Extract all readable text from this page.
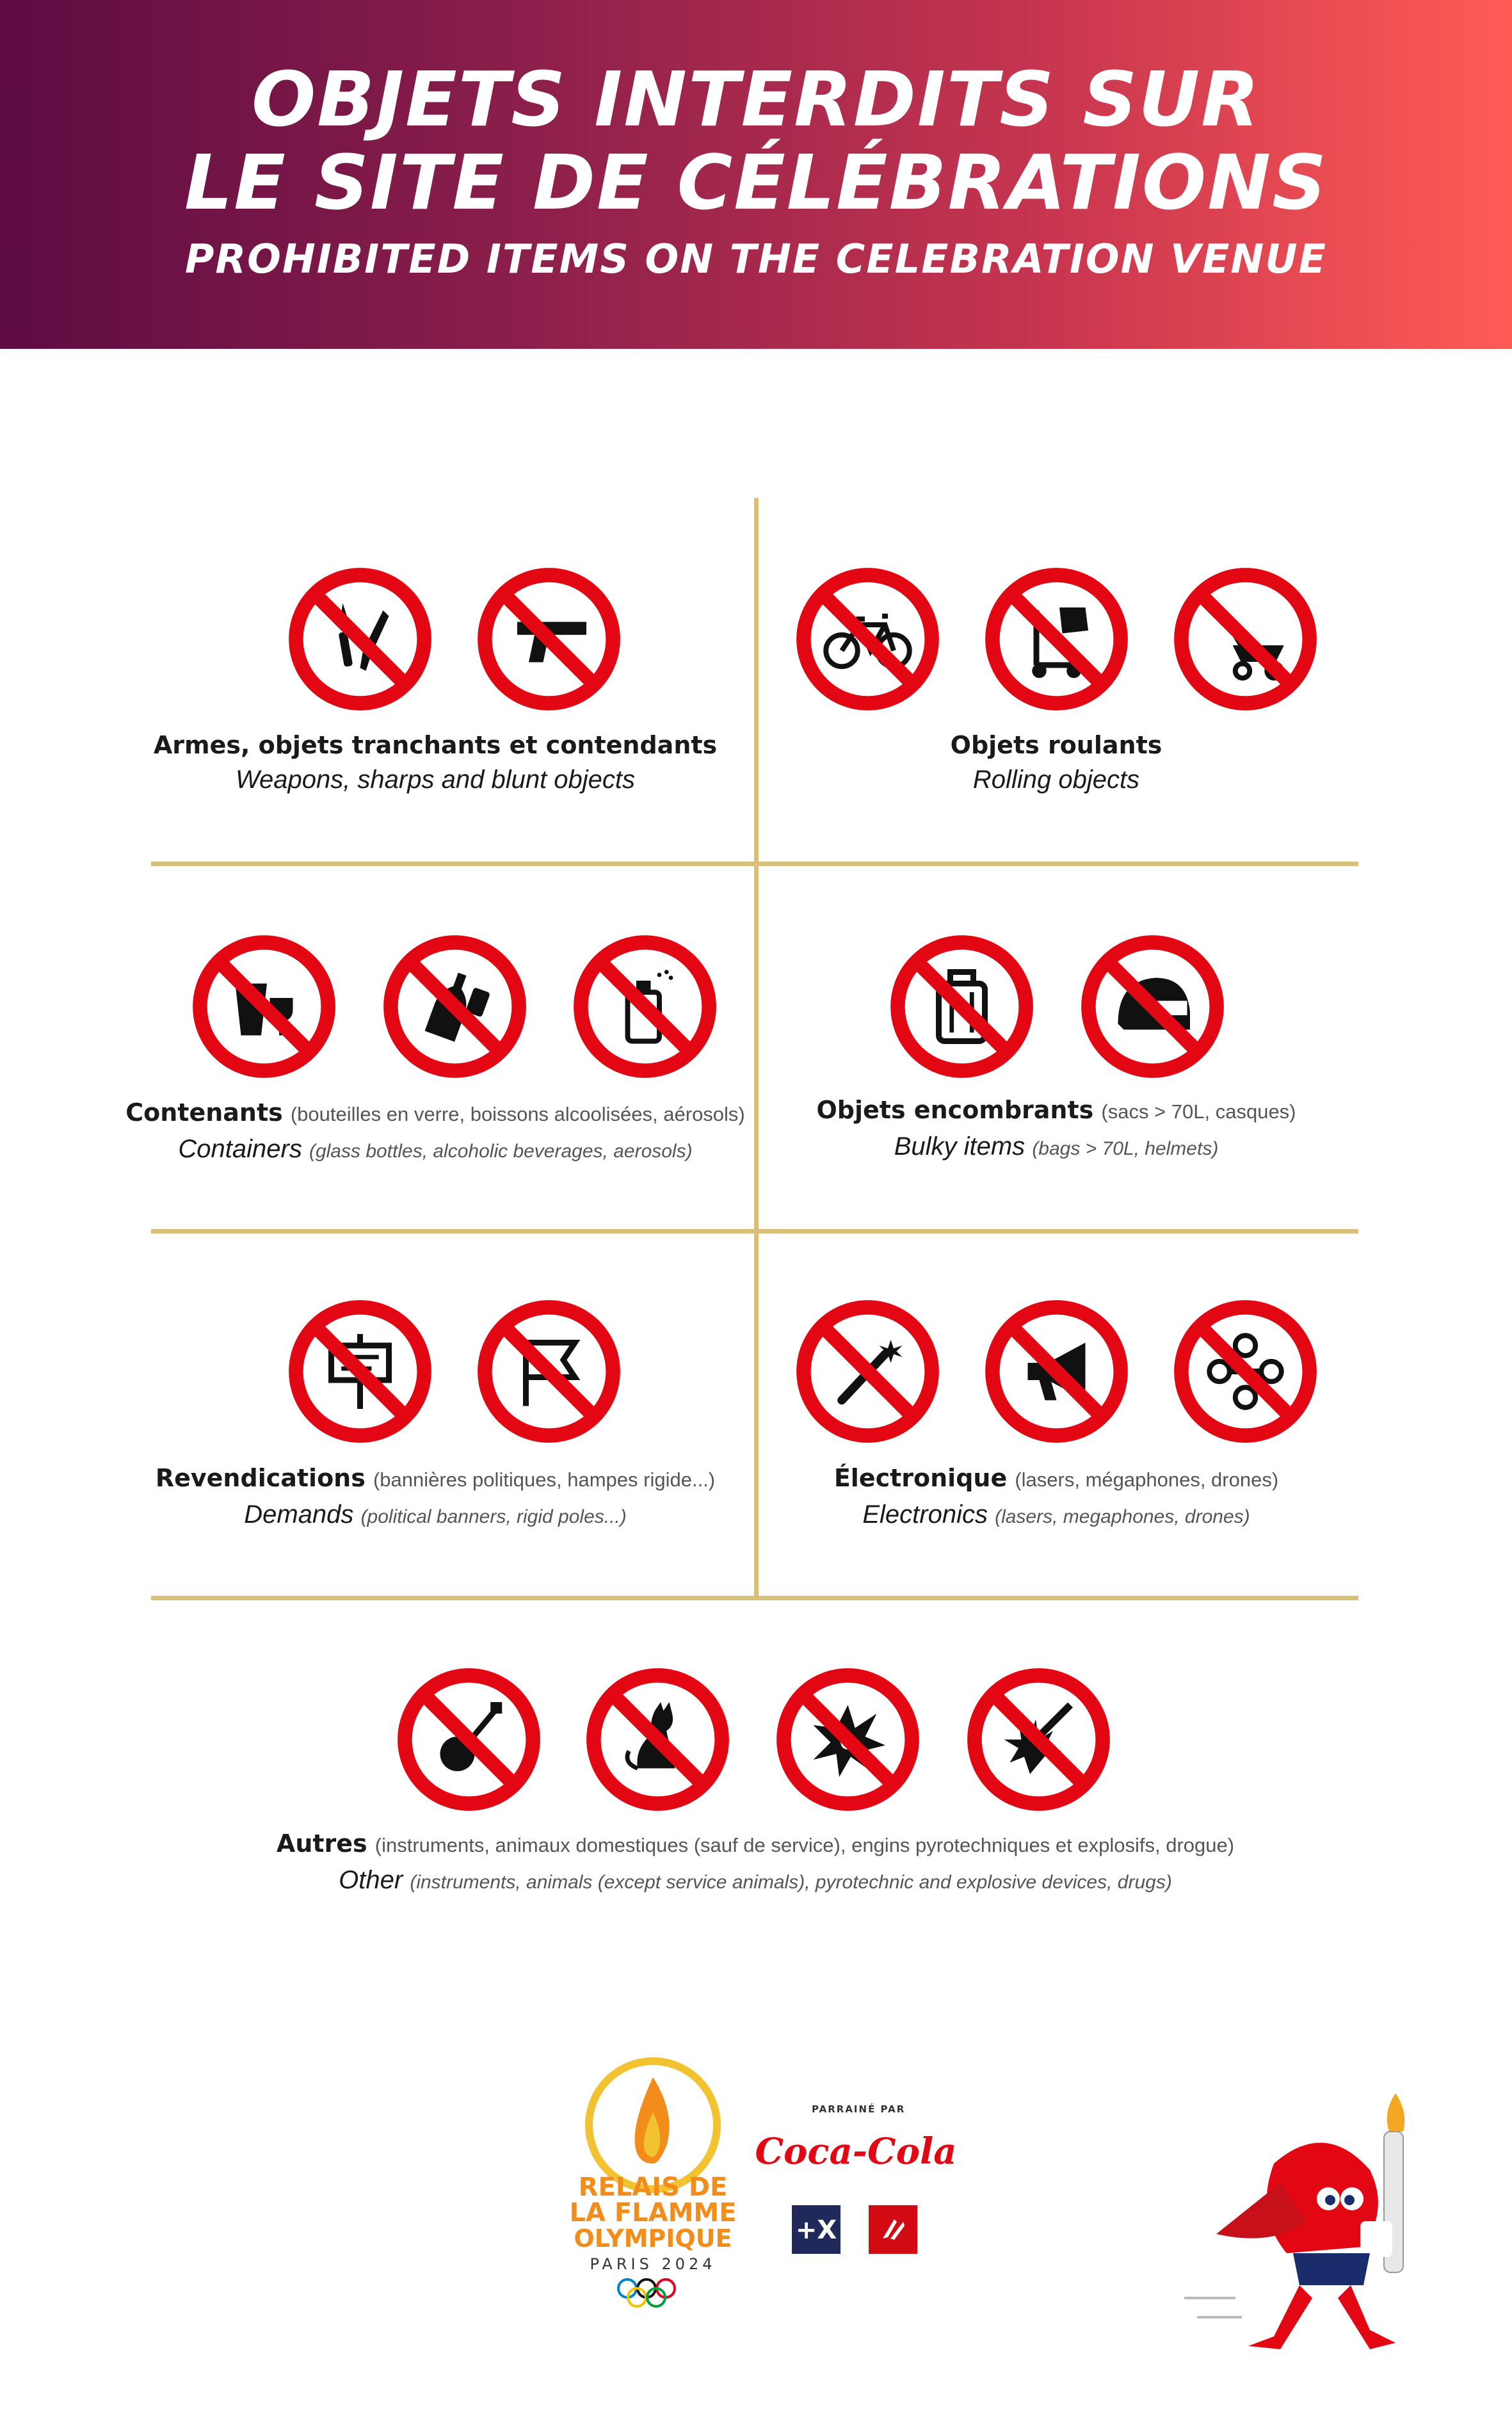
OBJETS INTERDITS SUR
LE SITE DE CÉLÉBRATIONS
PROHIBITED ITEMS ON THE CELEBRATION VENUE
Armes, objets tranchants et contendants
Weapons, sharps and blunt objects
Objets roulants
Rolling objects
Contenants (bouteilles en verre, boissons alcoolisées, aérosols)
Containers (glass bottles, alcoholic beverages, aerosols)
Objets encombrants (sacs > 70L, casques)
Bulky items (bags > 70L, helmets)
Revendications (bannières politiques, hampes rigide...)
Demands (political banners, rigid poles...)
Électronique (lasers, mégaphones, drones)
Electronics (lasers, megaphones, drones)
Autres (instruments, animaux domestiques (sauf de service), engins pyrotechniques et explosifs, drogue)
Other (instruments, animals (except service animals), pyrotechnic and explosive devices, drugs)
RELAIS DE
LA FLAMME
OLYMPIQUE
PARIS 2024
PARRAINÉ PAR
Coca-Cola
+X
